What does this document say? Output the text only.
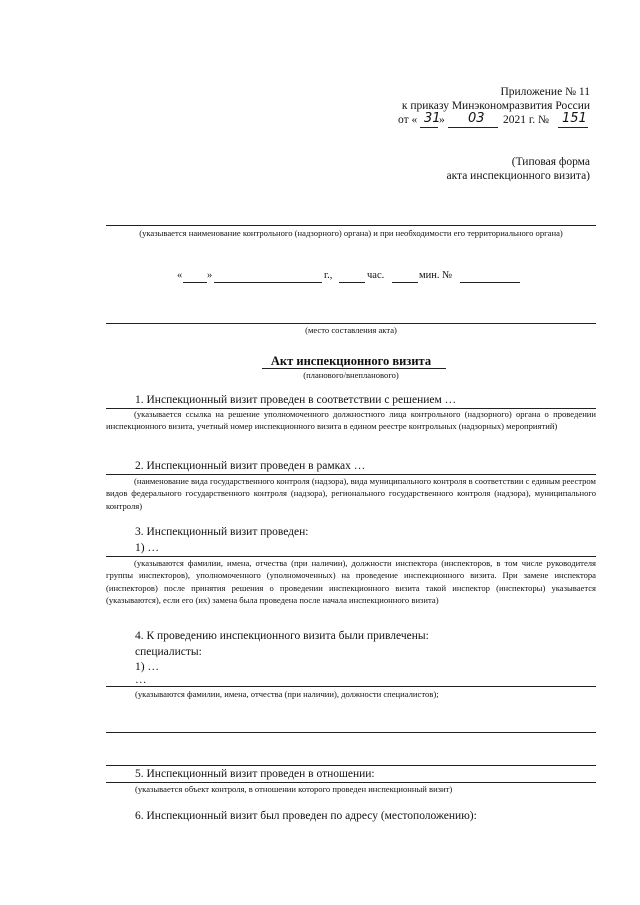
Приложение № 11
к приказу Минэкономразвития России
от « 31
» 03 2021 г. № 151
(Типовая форма
акта инспекционного визита)
(указывается наименование контрольного (надзорного) органа) и при необходимости его территориального органа)
« »	г.,	час.	мин. №
(место составления акта)
Акт инспекционного визита
(планового/внепланового)
1. Инспекционный визит проведен в соответствии с решением …
(указывается ссылка на решение уполномоченного должностного лица контрольного (надзорного) органа о проведении инспекционного визита, учетный номер инспекционного визита в едином реестре контрольных (надзорных) мероприятий)
2. Инспекционный визит проведен в рамках …
(наименование вида государственного контроля (надзора), вида муниципального контроля в соответствии с единым реестром видов федерального государственного контроля (надзора), регионального государственного контроля (надзора), муниципального контроля)
3. Инспекционный визит проведен:
1) …
(указываются фамилии, имена, отчества (при наличии), должности инспектора (инспекторов, в том числе руководителя группы инспекторов), уполномоченного (уполномоченных) на проведение инспекционного визита. При замене инспектора (инспекторов) после принятия решения о проведении инспекционного визита такой инспектор (инспекторы) указывается (указываются), если его (их) замена была проведена после начала инспекционного визита)
4. К проведению инспекционного визита были привлечены:
специалисты:
1) …
…
(указываются фамилии, имена, отчества (при наличии), должности специалистов);
5. Инспекционный визит проведен в отношении:
(указывается объект контроля, в отношении которого проведен инспекционный визит)
6. Инспекционный визит был проведен по адресу (местоположению):
